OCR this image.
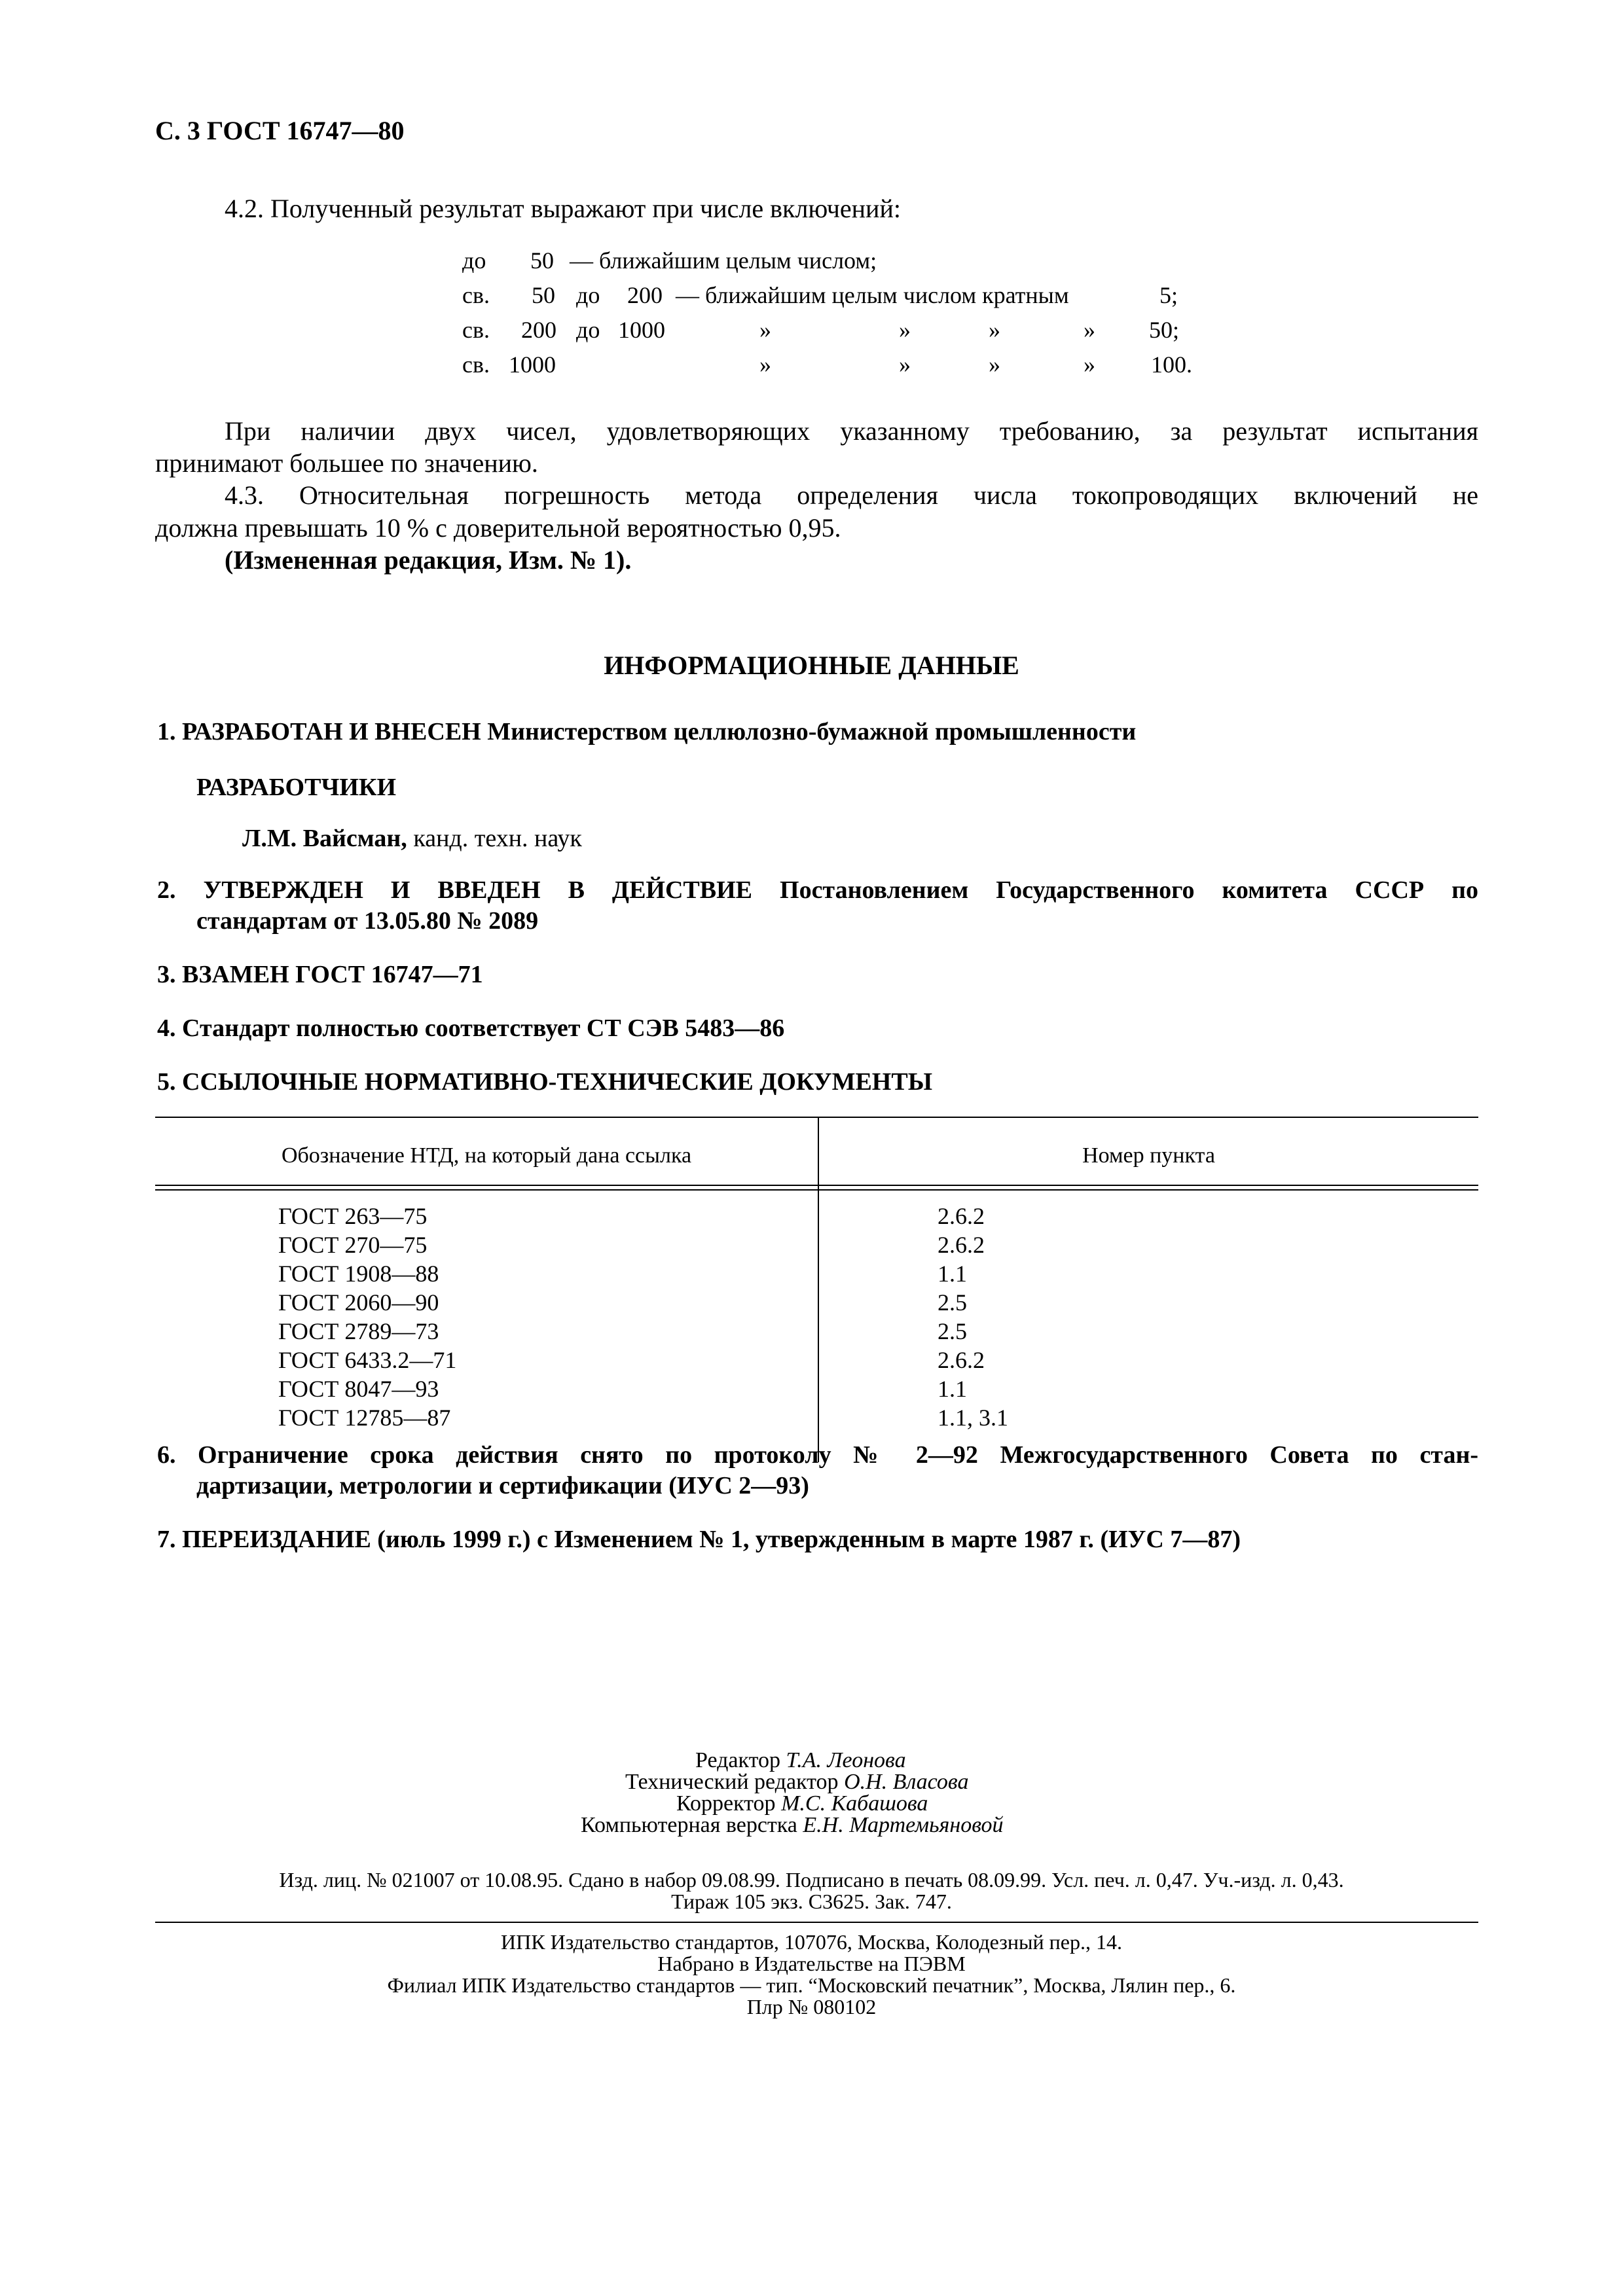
С. 3 ГОСТ 16747—80
4.2. Полученный результат выражают при числе включений:
до 50 — ближайшим целым числом;
св. 50 до 200 — ближайшим целым числом кратным	5;
св. 200 до 1000	»	»	»	» 50;
св. 1000	»	»	»	» 100.
При наличии двух чисел, удовлетворяющих указанному требованию, за результат испытания
принимают большее по значению.
4.3. Относительная погрешность метода определения числа токопроводящих включений не
должна превышать 10 % с доверительной вероятностью 0,95.
(Измененная редакция, Изм. № 1).
ИНФОРМАЦИОННЫЕ ДАННЫЕ
1. РАЗРАБОТАН И ВНЕСЕН Министерством целлюлозно-бумажной промышленности
РАЗРАБОТЧИКИ
Л.М. Вайсман, канд. техн. наук
2. УТВЕРЖДЕН И ВВЕДЕН В ДЕЙСТВИЕ Постановлением Государственного комитета СССР по
стандартам от 13.05.80 № 2089
3. ВЗАМЕН ГОСТ 16747—71
4. Стандарт полностью соответствует СТ СЭВ 5483—86
5. ССЫЛОЧНЫЕ НОРМАТИВНО-ТЕХНИЧЕСКИЕ ДОКУМЕНТЫ
Обозначение НТД, на который дана ссылка	Номер пункта
ГОСТ 263—75	2.6.2
ГОСТ 270—75	2.6.2
ГОСТ 1908—88	1.1
ГОСТ 2060—90	2.5
ГОСТ 2789—73	2.5
ГОСТ 6433.2—71	2.6.2
ГОСТ 8047—93	1.1
ГОСТ 12785—87	1.1, 3.1
6. Ограничение срока действия снято по протоколу № 2—92 Межгосударственного Совета по стан-
дартизации, метрологии и сертификации (ИУС 2—93)
7. ПЕРЕИЗДАНИЕ (июль 1999 г.) с Изменением № 1, утвержденным в марте 1987 г. (ИУС 7—87)
Редактор Т.А. Леонова
Технический редактор О.Н. Власова
Корректор М.С. Кабашова
Компьютерная верстка Е.Н. Мартемьяновой
Изд. лиц. № 021007 от 10.08.95. Сдано в набор 09.08.99. Подписано в печать 08.09.99. Усл. печ. л. 0,47. Уч.-изд. л. 0,43.
Тираж 105 экз. С3625. Зак. 747.
ИПК Издательство стандартов, 107076, Москва, Колодезный пер., 14.
Набрано в Издательстве на ПЭВМ
Филиал ИПК Издательство стандартов — тип. “Московский печатник”, Москва, Лялин пер., 6.
Плр № 080102
